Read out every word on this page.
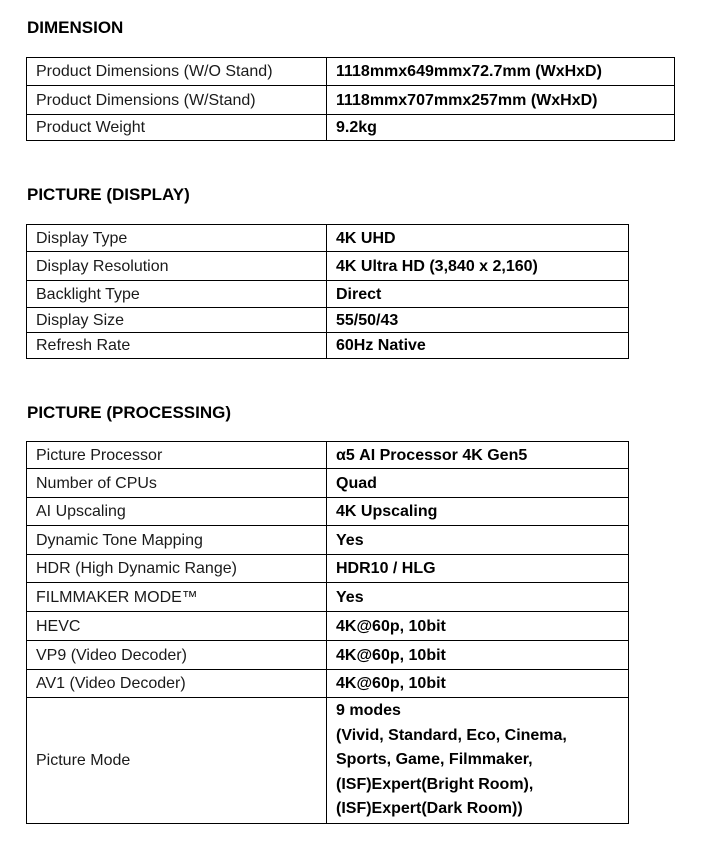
DIMENSION
Product Dimensions (W/O Stand)	1118mmx649mmx72.7mm (WxHxD)
Product Dimensions (W/Stand)	1118mmx707mmx257mm (WxHxD)
Product Weight	9.2kg
PICTURE (DISPLAY)
Display Type	4K UHD
Display Resolution	4K Ultra HD (3,840 x 2,160)
Backlight Type	Direct
Display Size	55/50/43
Refresh Rate	60Hz Native
PICTURE (PROCESSING)
Picture Processor	α5 AI Processor 4K Gen5
Number of CPUs	Quad
AI Upscaling	4K Upscaling
Dynamic Tone Mapping	Yes
HDR (High Dynamic Range)	HDR10 / HLG
FILMMAKER MODE™	Yes
HEVC	4K@60p, 10bit
VP9 (Video Decoder)	4K@60p, 10bit
AV1 (Video Decoder)	4K@60p, 10bit
Picture Mode	9 modes
(Vivid, Standard, Eco, Cinema,
Sports, Game, Filmmaker,
(ISF)Expert(Bright Room),
(ISF)Expert(Dark Room))
